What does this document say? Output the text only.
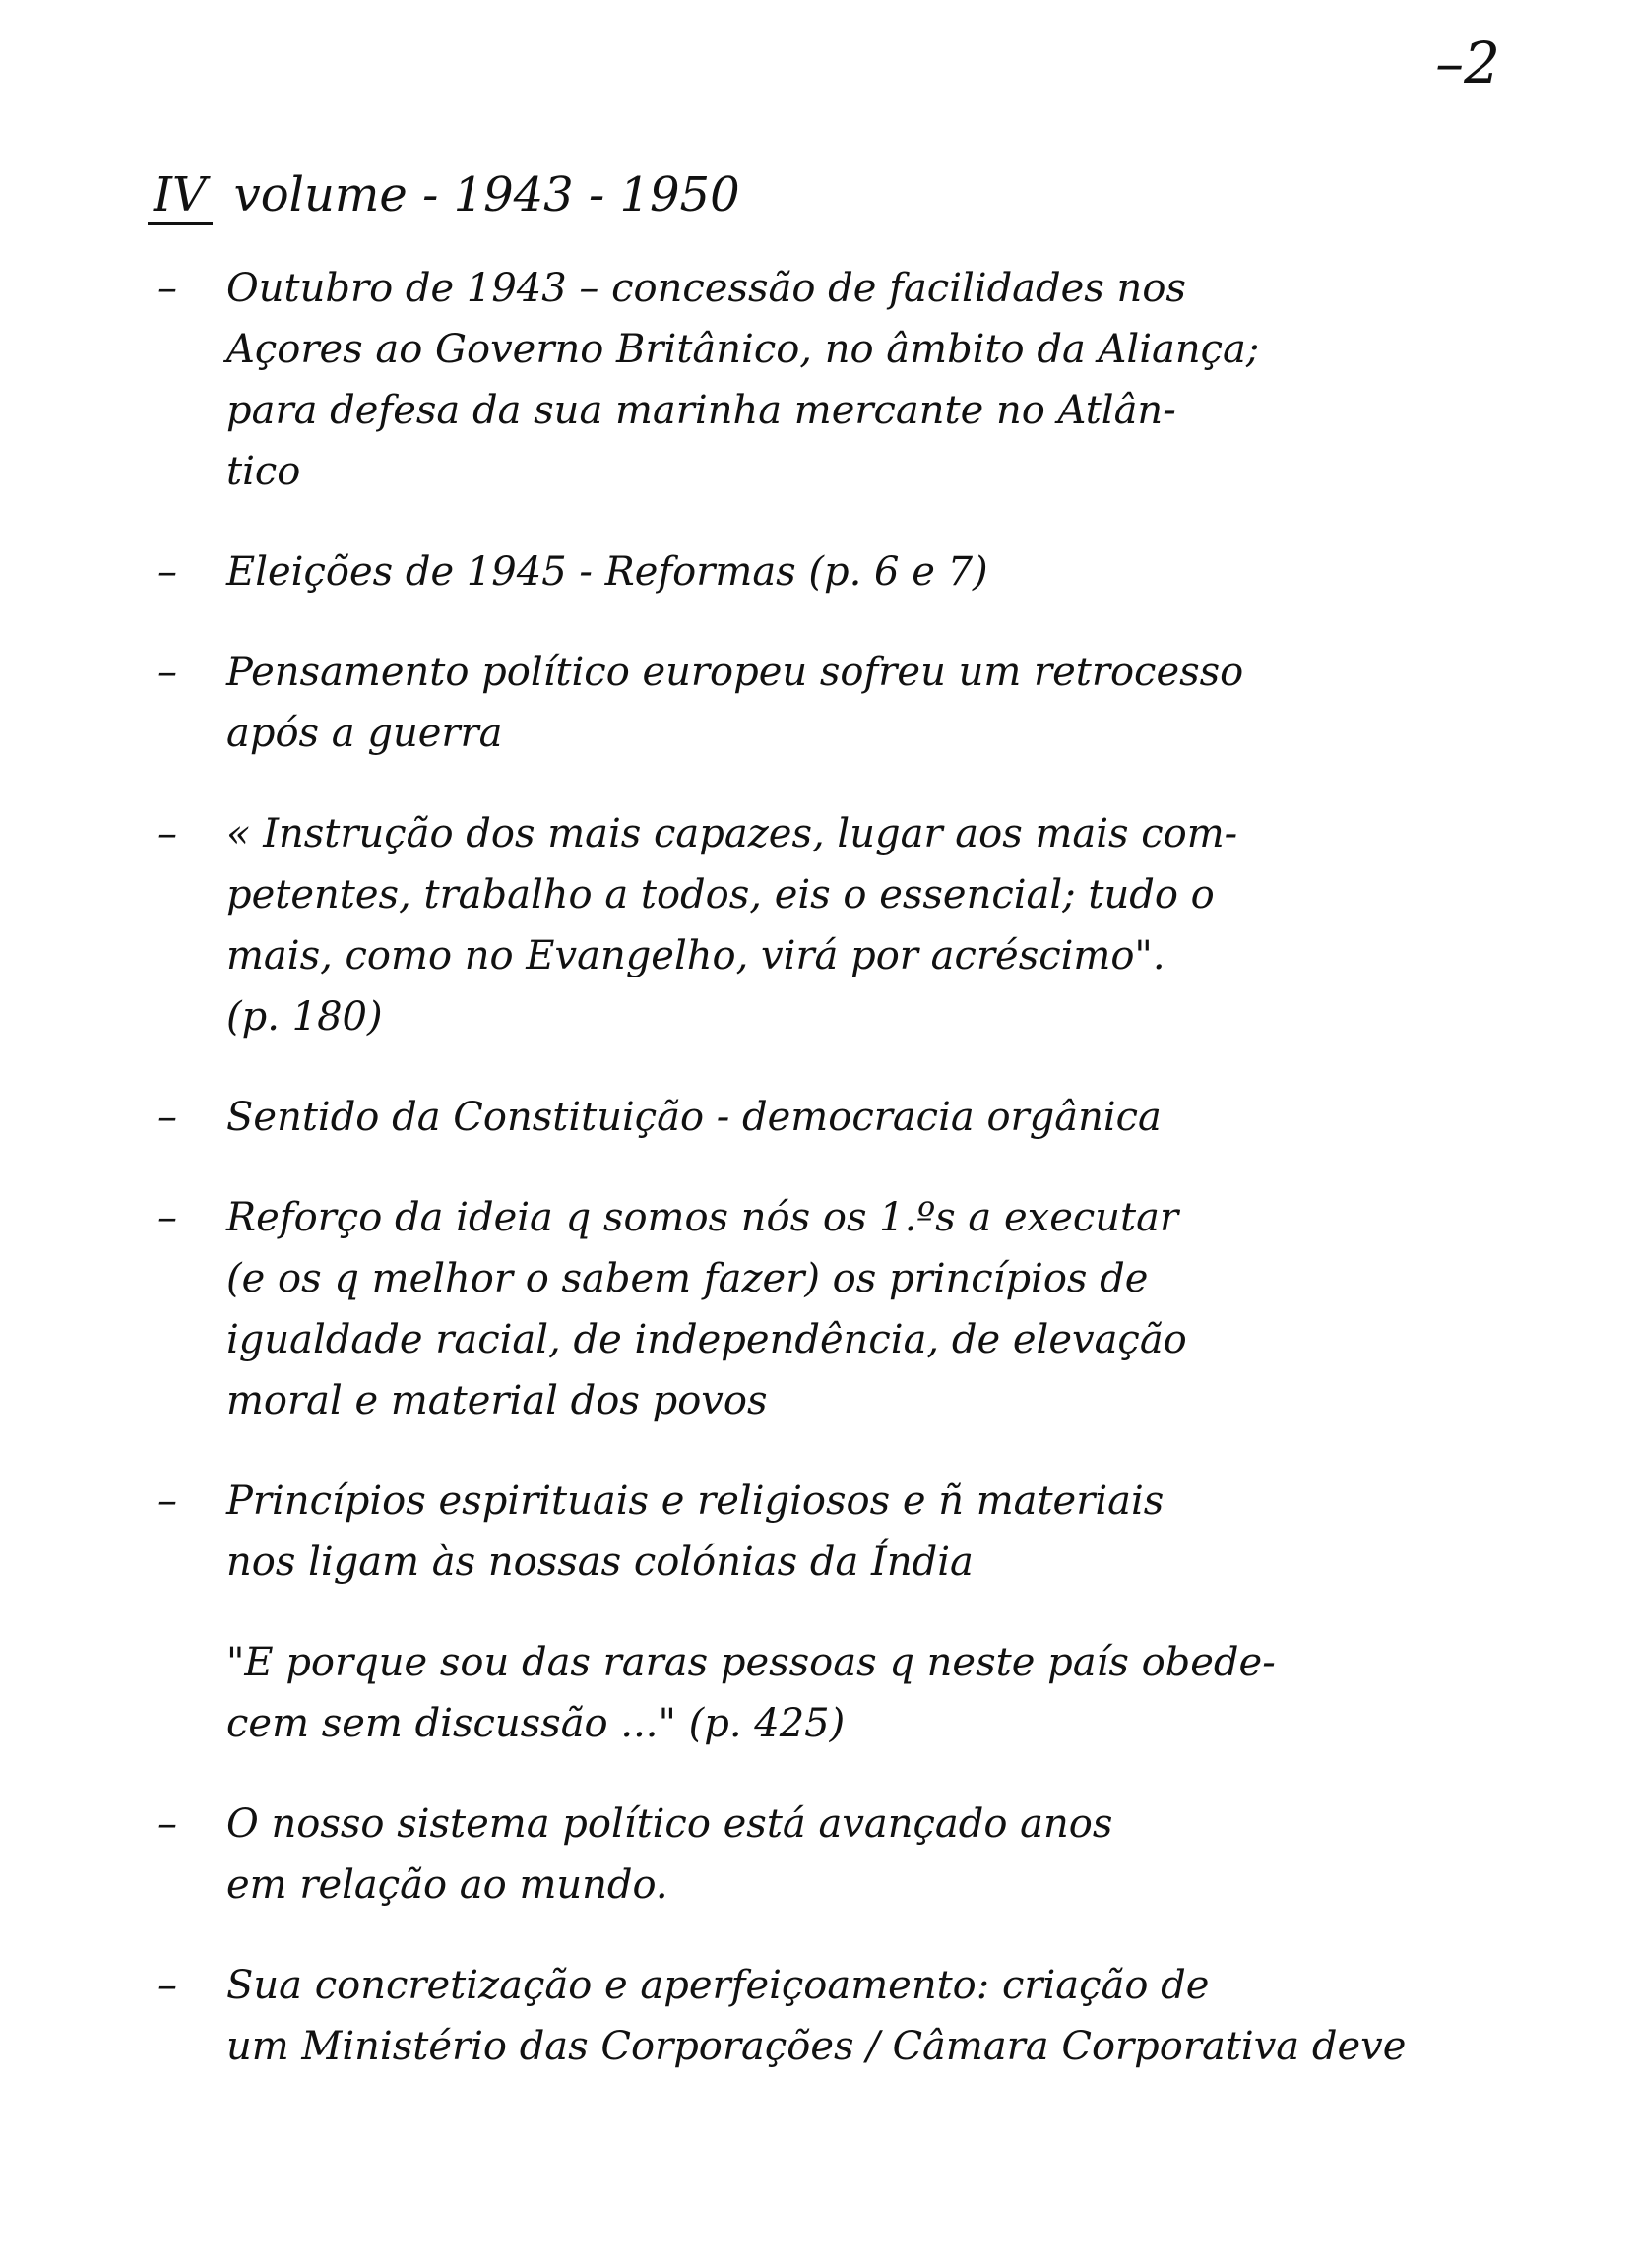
–2
IV volume - 1943 - 1950
– Outubro de 1943 – concessão de facilidades nos
Açores ao Governo Britânico, no âmbito da Aliança;
para defesa da sua marinha mercante no Atlân-
tico
– Eleições de 1945 - Reformas (p. 6 e 7)
– Pensamento político europeu sofreu um retrocesso
após a guerra
– « Instrução dos mais capazes, lugar aos mais com-
petentes, trabalho a todos, eis o essencial; tudo o
mais, como no Evangelho, virá por acréscimo".
(p. 180)
– Sentido da Constituição - democracia orgânica
– Reforço da ideia q somos nós os 1.ºs a executar
(e os q melhor o sabem fazer) os princípios de
igualdade racial, de independência, de elevação
moral e material dos povos
– Princípios espirituais e religiosos e ñ materiais
nos ligam às nossas colónias da Índia
"E porque sou das raras pessoas q neste país obede-
cem sem discussão ..." (p. 425)
– O nosso sistema político está avançado anos
em relação ao mundo.
– Sua concretização e aperfeiçoamento: criação de
um Ministério das Corporações / Câmara Corporativa deve
